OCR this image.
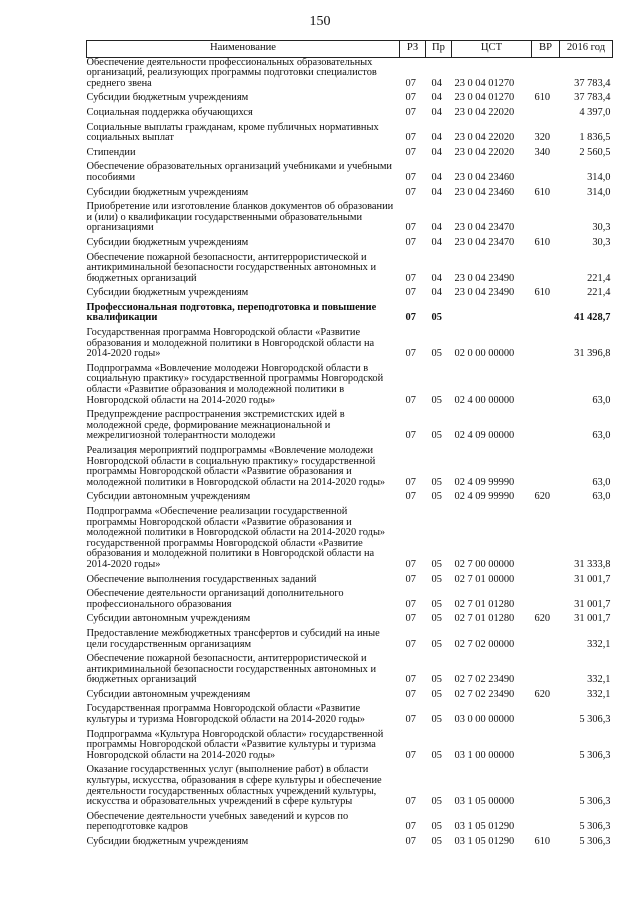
150
Наименование	РЗ	Пр	ЦСТ	ВР	2016 год
Обеспечение деятельности профессиональных образовательных организаций, реализующих программы подготовки специалистов среднего звена	07	04	23 0 04 01270		37 783,4
Субсидии бюджетным учреждениям	07	04	23 0 04 01270	610	37 783,4
Социальная поддержка обучающихся	07	04	23 0 04 22020		4 397,0
Социальные выплаты гражданам, кроме публичных нормативных социальных выплат	07	04	23 0 04 22020	320	1 836,5
Стипендии	07	04	23 0 04 22020	340	2 560,5
Обеспечение образовательных организаций учебниками и учебными пособиями	07	04	23 0 04 23460		314,0
Субсидии бюджетным учреждениям	07	04	23 0 04 23460	610	314,0
Приобретение или изготовление бланков документов об образовании и (или) о квалификации государственными образовательными организациями	07	04	23 0 04 23470		30,3
Субсидии бюджетным учреждениям	07	04	23 0 04 23470	610	30,3
Обеспечение пожарной безопасности, антитеррористической и антикриминальной безопасности государственных автономных и бюджетных организаций	07	04	23 0 04 23490		221,4
Субсидии бюджетным учреждениям	07	04	23 0 04 23490	610	221,4
Профессиональная подготовка, переподготовка и повышение квалификации	07	05			41 428,7
Государственная программа Новгородской области «Развитие образования и молодежной политики в Новгородской области на 2014-2020 годы»	07	05	02 0 00 00000		31 396,8
Подпрограмма «Вовлечение молодежи Новгородской области в социальную практику» государственной программы Новгородской области «Развитие образования и молодежной политики в Новгородской области на 2014-2020 годы»	07	05	02 4 00 00000		63,0
Предупреждение распространения экстремистских идей в молодежной среде, формирование межнациональной и межрелигиозной толерантности молодежи	07	05	02 4 09 00000		63,0
Реализация мероприятий подпрограммы «Вовлечение молодежи Новгородской области в социальную практику» государственной программы Новгородской области «Развитие образования и молодежной политики в Новгородской области на 2014-2020 годы»	07	05	02 4 09 99990		63,0
Субсидии автономным учреждениям	07	05	02 4 09 99990	620	63,0
Подпрограмма «Обеспечение реализации государственной программы Новгородской области «Развитие образования и молодежной политики в Новгородской области на 2014-2020 годы» государственной программы Новгородской области «Развитие образования и молодежной политики в Новгородской области на 2014-2020 годы»	07	05	02 7 00 00000		31 333,8
Обеспечение выполнения государственных заданий	07	05	02 7 01 00000		31 001,7
Обеспечение деятельности организаций дополнительного профессионального образования	07	05	02 7 01 01280		31 001,7
Субсидии автономным учреждениям	07	05	02 7 01 01280	620	31 001,7
Предоставление межбюджетных трансфертов и субсидий на иные цели государственным организациям	07	05	02 7 02 00000		332,1
Обеспечение пожарной безопасности, антитеррористической и антикриминальной безопасности государственных автономных и бюджетных организаций	07	05	02 7 02 23490		332,1
Субсидии автономным учреждениям	07	05	02 7 02 23490	620	332,1
Государственная программа Новгородской области «Развитие культуры и туризма Новгородской области на 2014-2020 годы»	07	05	03 0 00 00000		5 306,3
Подпрограмма «Культура Новгородской области» государственной программы Новгородской области «Развитие культуры и туризма Новгородской области на 2014-2020 годы»	07	05	03 1 00 00000		5 306,3
Оказание государственных услуг (выполнение работ) в области культуры, искусства, образования в сфере культуры и обеспечение деятельности государственных областных учреждений культуры, искусства и образовательных учреждений в сфере культуры	07	05	03 1 05 00000		5 306,3
Обеспечение деятельности учебных заведений и курсов по переподготовке кадров	07	05	03 1 05 01290		5 306,3
Субсидии бюджетным учреждениям	07	05	03 1 05 01290	610	5 306,3
